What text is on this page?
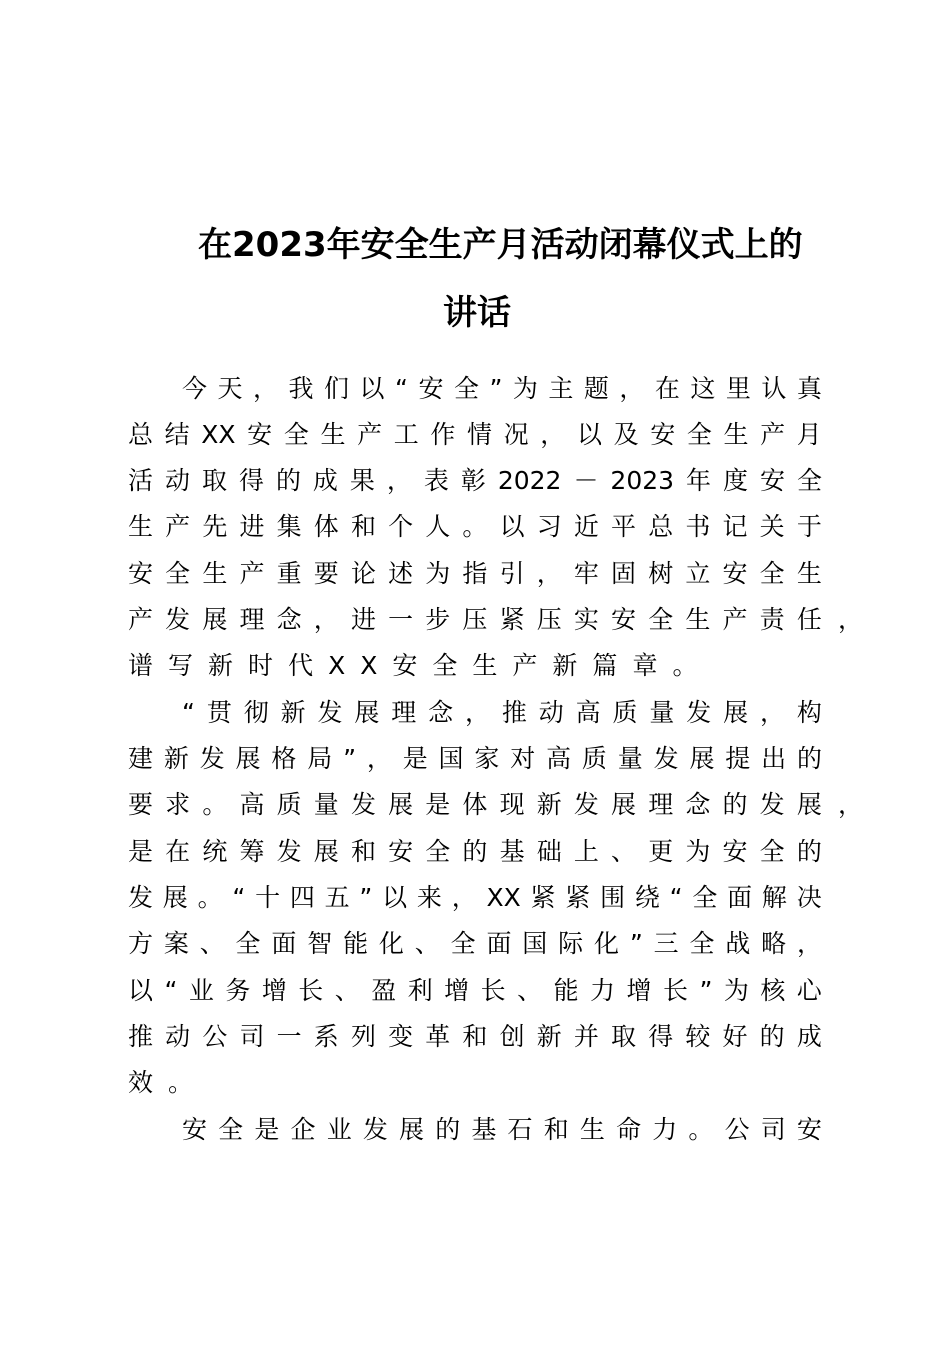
在2023年安全生产月活动闭幕仪式上的
讲话
今 天 ， 我 们 以 “ 安 全 ” 为 主 题 ， 在 这 里 认 真
总 结 XX 安 全 生 产 工 作 情 况 ， 以 及 安 全 生 产 月
活 动 取 得 的 成 果 ， 表 彰 2022 － 2023 年 度 安 全
生 产 先 进 集 体 和 个 人 。 以 习 近 平 总 书 记 关 于
安 全 生 产 重 要 论 述 为 指 引 ， 牢 固 树 立 安 全 生
产 发 展 理 念 ， 进 一 步 压 紧 压 实 安 全 生 产 责 任 ，
谱 写 新 时 代 XX 安 全 生 产 新 篇 章 。
“ 贯 彻 新 发 展 理 念 ， 推 动 高 质 量 发 展 ， 构
建 新 发 展 格 局 ” ， 是 国 家 对 高 质 量 发 展 提 出 的
要 求 。 高 质 量 发 展 是 体 现 新 发 展 理 念 的 发 展 ，
是 在 统 筹 发 展 和 安 全 的 基 础 上 、 更 为 安 全 的
发 展 。 “ 十 四 五 ” 以 来 ， XX 紧 紧 围 绕 “ 全 面 解 决
方 案 、 全 面 智 能 化 、 全 面 国 际 化 ” 三 全 战 略 ，
以 “ 业 务 增 长 、 盈 利 增 长 、 能 力 增 长 ” 为 核 心
推 动 公 司 一 系 列 变 革 和 创 新 并 取 得 较 好 的 成
效 。
安 全 是 企 业 发 展 的 基 石 和 生 命 力 。 公 司 安
